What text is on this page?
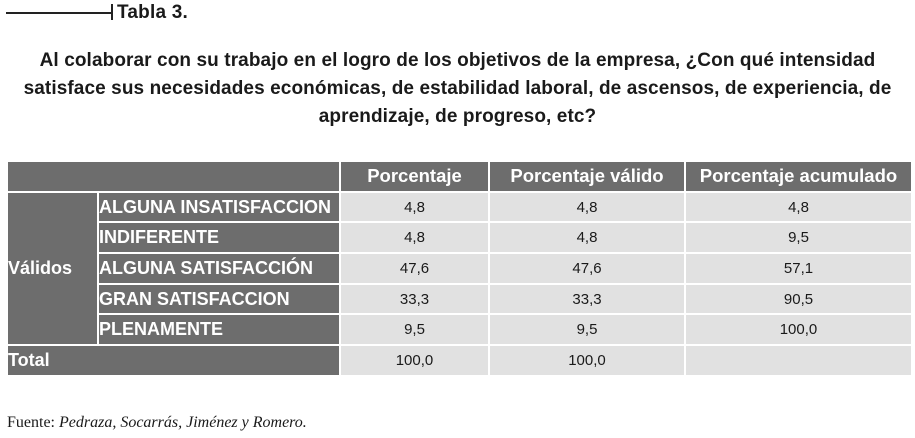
Tabla 3.
Al colaborar con su trabajo en el logro de los objetivos de la empresa, ¿Con qué intensidad satisface sus necesidades económicas, de estabilidad laboral, de ascensos, de experiencia, de aprendizaje, de progreso, etc?
		Porcentaje	Porcentaje válido	Porcentaje acumulado
Válidos	ALGUNA INSATISFACCION	4,8	4,8	4,8
	INDIFERENTE	4,8	4,8	9,5
	ALGUNA SATISFACCIÓN	47,6	47,6	57,1
	GRAN SATISFACCION	33,3	33,3	90,5
	PLENAMENTE	9,5	9,5	100,0
Total		100,0	100,0	
Fuente: Pedraza, Socarrás, Jiménez y Romero.
